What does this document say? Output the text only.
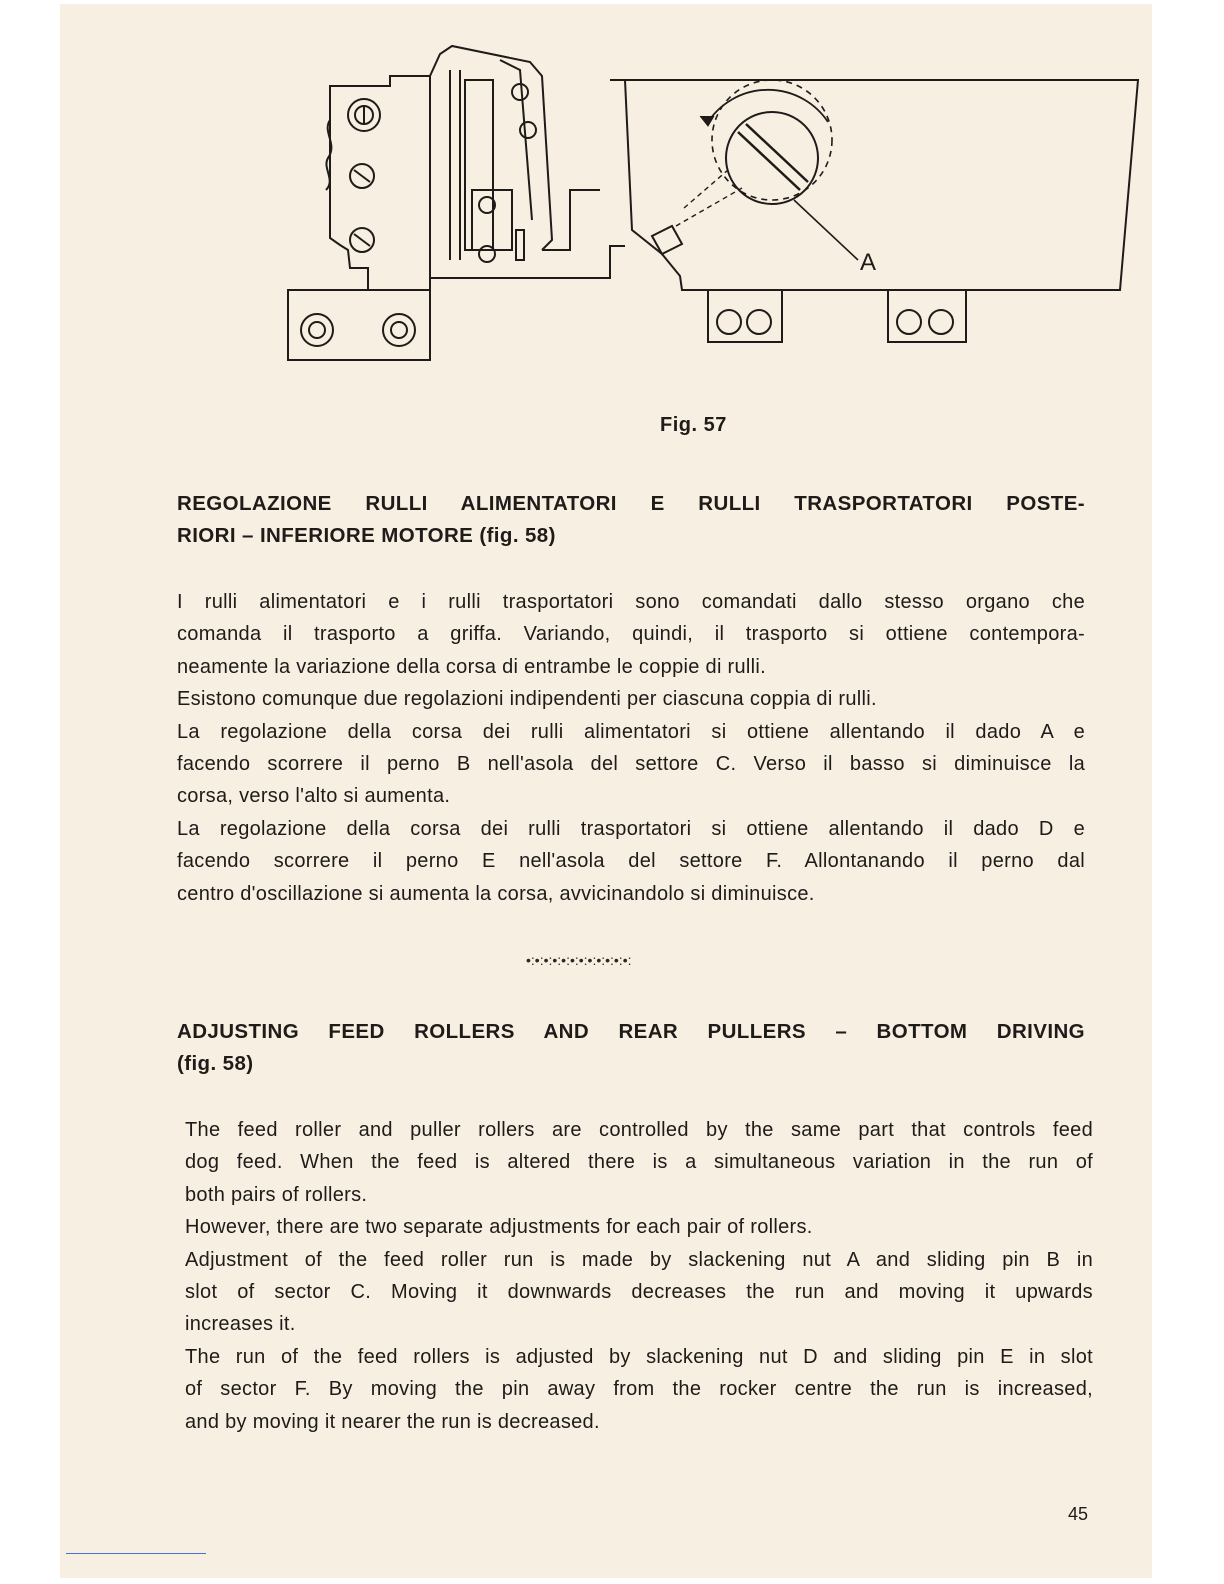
A
Fig. 57
REGOLAZIONE RULLI ALIMENTATORI E RULLI TRASPORTATORI POSTE-
RIORI – INFERIORE MOTORE (fig. 58)
I rulli alimentatori e i rulli trasportatori sono comandati dallo stesso organo che
comanda il trasporto a griffa. Variando, quindi, il trasporto si ottiene contempora-
neamente la variazione della corsa di entrambe le coppie di rulli.
Esistono comunque due regolazioni indipendenti per ciascuna coppia di rulli.
La regolazione della corsa dei rulli alimentatori si ottiene allentando il dado A e
facendo scorrere il perno B nell'asola del settore C. Verso il basso si diminuisce la
corsa, verso l'alto si aumenta.
La regolazione della corsa dei rulli trasportatori si ottiene allentando il dado D e
facendo scorrere il perno E nell'asola del settore F. Allontanando il perno dal
centro d'oscillazione si aumenta la corsa, avvicinandolo si diminuisce.
•:•:•:•:•:•:•:•:•:•:•:•:
ADJUSTING FEED ROLLERS AND REAR PULLERS – BOTTOM DRIVING
(fig. 58)
The feed roller and puller rollers are controlled by the same part that controls feed
dog feed. When the feed is altered there is a simultaneous variation in the run of
both pairs of rollers.
However, there are two separate adjustments for each pair of rollers.
Adjustment of the feed roller run is made by slackening nut A and sliding pin B in
slot of sector C. Moving it downwards decreases the run and moving it upwards
increases it.
The run of the feed rollers is adjusted by slackening nut D and sliding pin E in slot
of sector F. By moving the pin away from the rocker centre the run is increased,
and by moving it nearer the run is decreased.
45
